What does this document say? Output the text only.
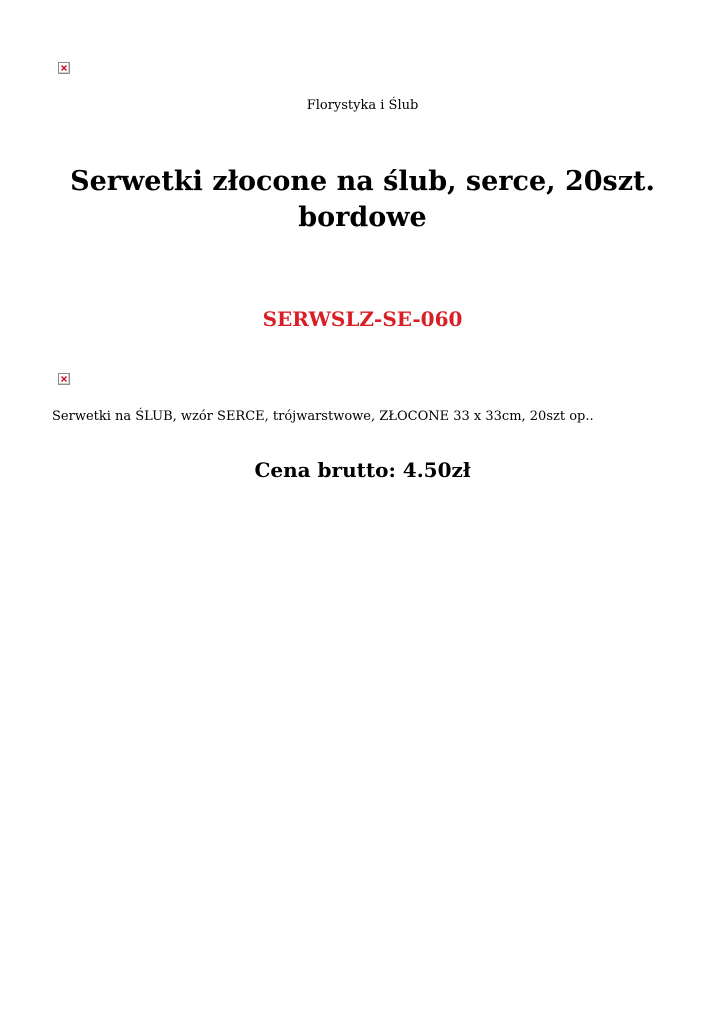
Florystyka i Ślub
Serwetki złocone na ślub, serce, 20szt. bordowe
SERWSLZ-SE-060

Serwetki na ŚLUB, wzór SERCE, trójwarstwowe, ZŁOCONE 33 x 33cm, 20szt op..

Cena brutto: 4.50zł
